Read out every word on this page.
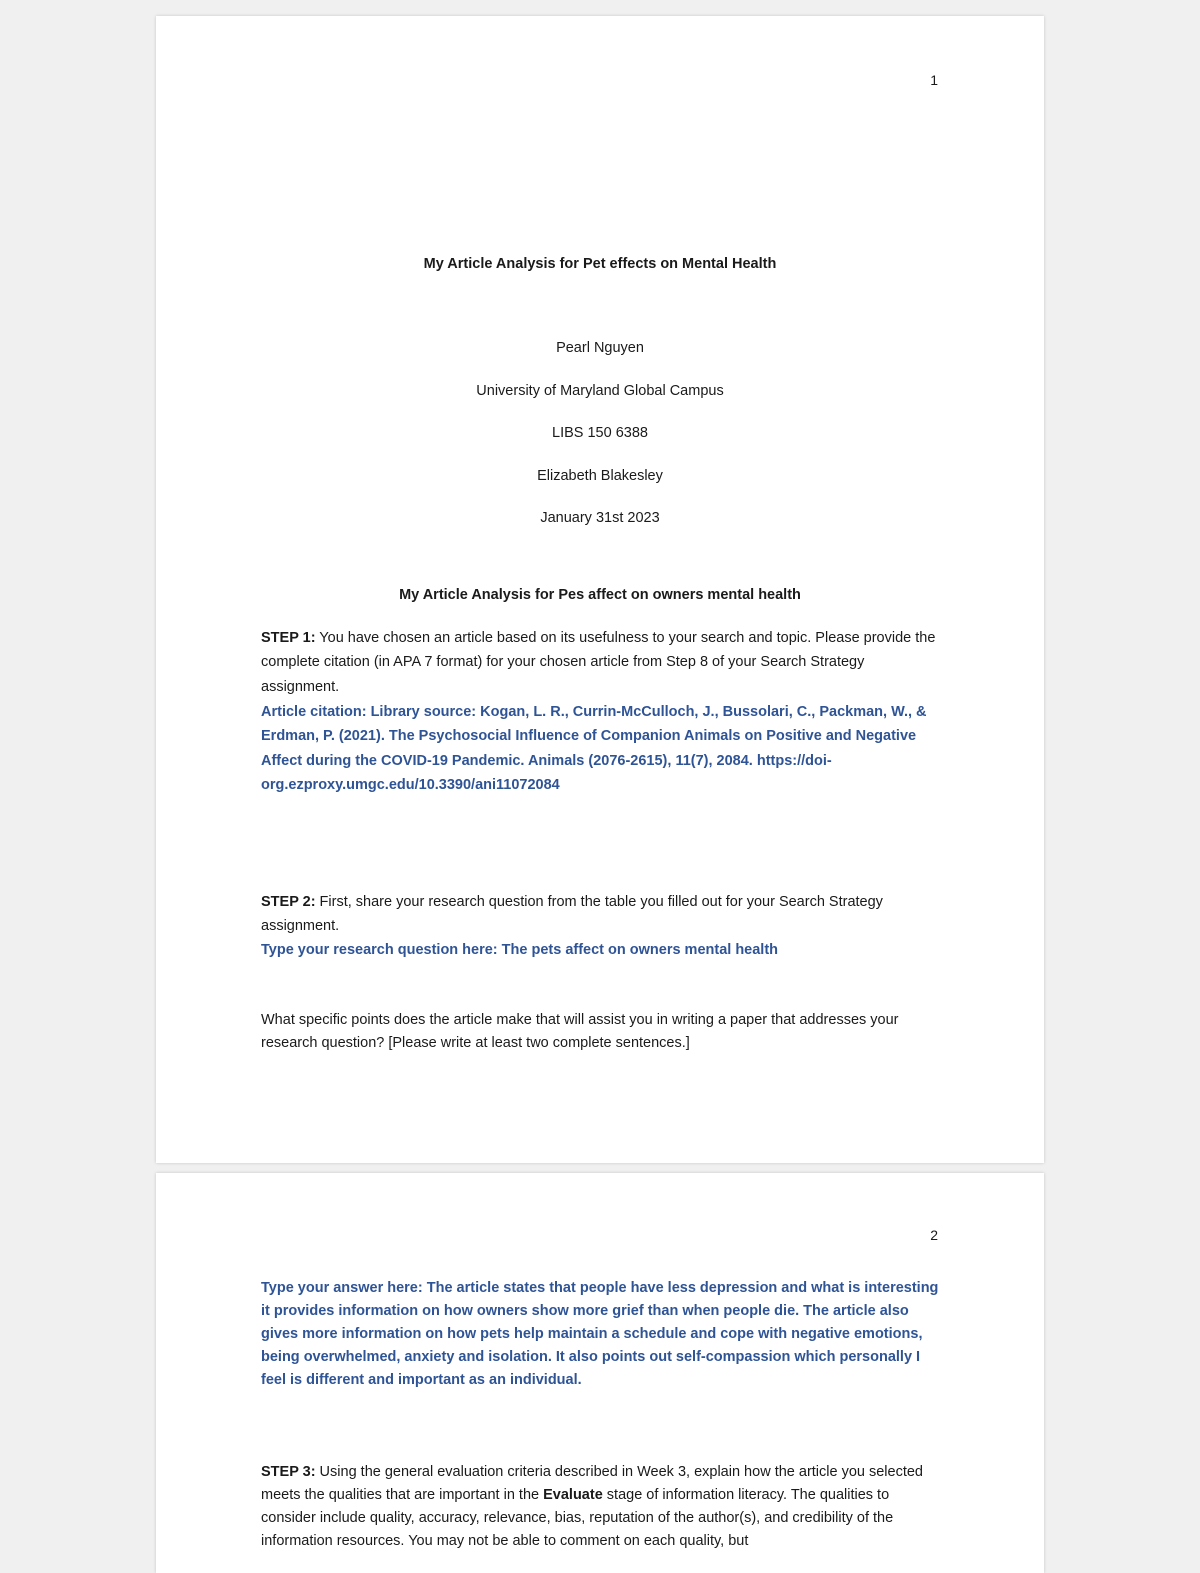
1
My Article Analysis for Pet effects on Mental Health
Pearl Nguyen
University of Maryland Global Campus
LIBS 150 6388
Elizabeth Blakesley
January 31st 2023
My Article Analysis for Pes affect on owners mental health
STEP 1: You have chosen an article based on its usefulness to your search and topic. Please provide the complete citation (in APA 7 format) for your chosen article from Step 8 of your Search Strategy assignment.
Article citation: Library source: Kogan, L. R., Currin-McCulloch, J., Bussolari, C., Packman, W., & Erdman, P. (2021). The Psychosocial Influence of Companion Animals on Positive and Negative Affect during the COVID-19 Pandemic. Animals (2076-2615), 11(7), 2084. https://doi-org.ezproxy.umgc.edu/10.3390/ani11072084
STEP 2: First, share your research question from the table you filled out for your Search Strategy assignment.
Type your research question here: The pets affect on owners mental health
What specific points does the article make that will assist you in writing a paper that addresses your research question? [Please write at least two complete sentences.]
2
Type your answer here: The article states that people have less depression and what is interesting it provides information on how owners show more grief than when people die. The article also gives more information on how pets help maintain a schedule and cope with negative emotions, being overwhelmed, anxiety and isolation. It also points out self-compassion which personally I feel is different and important as an individual.
STEP 3: Using the general evaluation criteria described in Week 3, explain how the article you selected meets the qualities that are important in the Evaluate stage of information literacy. The qualities to consider include quality, accuracy, relevance, bias, reputation of the author(s), and credibility of the information resources. You may not be able to comment on each quality, but
